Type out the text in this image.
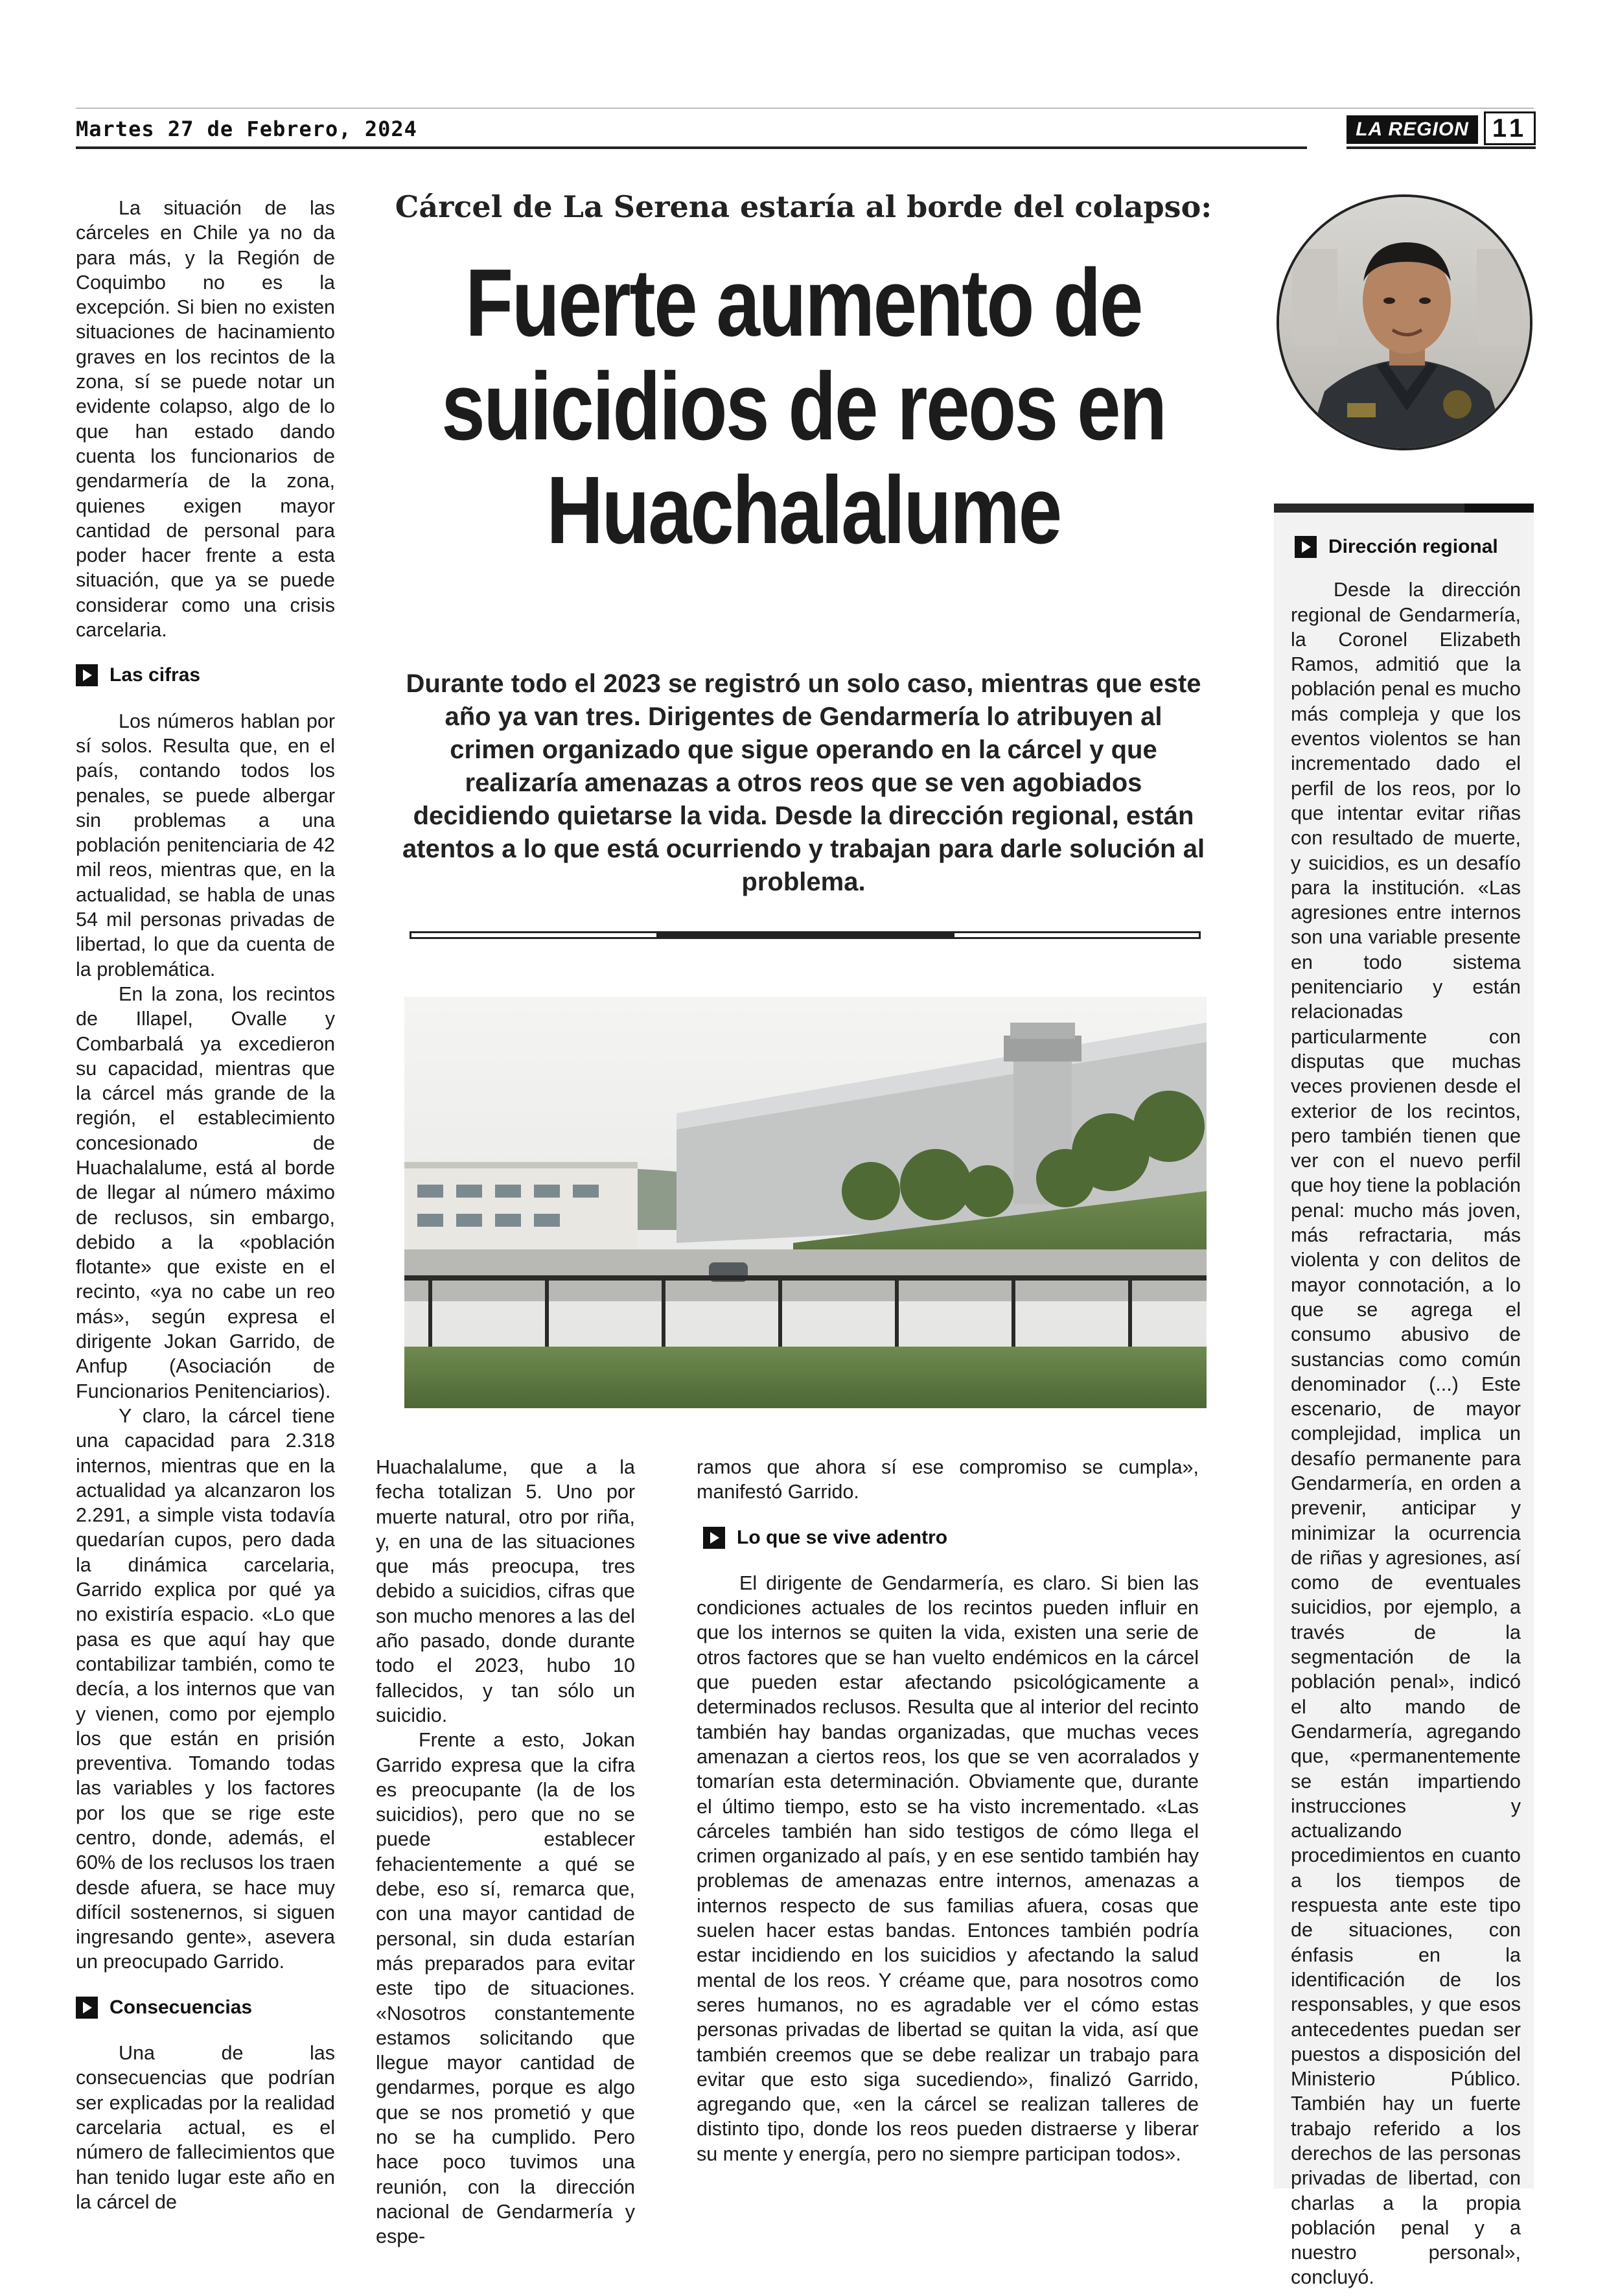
Martes 27 de Febrero, 2024	LA REGION 11

La situación de las cárceles en Chile ya no da para más, y la Región de Coquimbo no es la excepción. Si bien no existen situaciones de hacinamiento graves en los recintos de la zona, sí se puede notar un evidente colapso, algo de lo que han estado dando cuenta los funcionarios de gendarmería de la zona, quienes exigen mayor cantidad de personal para poder hacer frente a esta situación, que ya se puede considerar como una crisis carcelaria.

Las cifras

Los números hablan por sí solos. Resulta que, en el país, contando todos los penales, se puede albergar sin problemas a una población penitenciaria de 42 mil reos, mientras que, en la actualidad, se habla de unas 54 mil personas privadas de libertad, lo que da cuenta de la problemática.

En la zona, los recintos de Illapel, Ovalle y Combarbalá ya excedieron su capacidad, mientras que la cárcel más grande de la región, el establecimiento concesionado de Huachalalume, está al borde de llegar al número máximo de reclusos, sin embargo, debido a la «población flotante» que existe en el recinto, «ya no cabe un reo más», según expresa el dirigente Jokan Garrido, de Anfup (Asociación de Funcionarios Penitenciarios).

Y claro, la cárcel tiene una capacidad para 2.318 internos, mientras que en la actualidad ya alcanzaron los 2.291, a simple vista todavía quedarían cupos, pero dada la dinámica carcelaria, Garrido explica por qué ya no existiría espacio. «Lo que pasa es que aquí hay que contabilizar también, como te decía, a los internos que van y vienen, como por ejemplo los que están en prisión preventiva. Tomando todas las variables y los factores por los que se rige este centro, donde, además, el 60% de los reclusos los traen desde afuera, se hace muy difícil sostenernos, si siguen ingresando gente», asevera un preocupado Garrido.

Consecuencias

Una de las consecuencias que podrían ser explicadas por la realidad carcelaria actual, es el número de fallecimientos que han tenido lugar este año en la cárcel de

Cárcel de La Serena estaría al borde del colapso:
Fuerte aumento de
suicidios de reos en
Huachalalume
Durante todo el 2023 se registró un solo caso, mientras que este año ya van tres. Dirigentes de Gendarmería lo atribuyen al crimen organizado que sigue operando en la cárcel y que realizaría amenazas a otros reos que se ven agobiados decidiendo quietarse la vida. Desde la dirección regional, están atentos a lo que está ocurriendo y trabajan para darle solución al problema.

Huachalalume, que a la fecha totalizan 5. Uno por muerte natural, otro por riña, y, en una de las situaciones que más preocupa, tres debido a suicidios, cifras que son mucho menores a las del año pasado, donde durante todo el 2023, hubo 10 fallecidos, y tan sólo un suicidio.

Frente a esto, Jokan Garrido expresa que la cifra es preocupante (la de los suicidios), pero que no se puede establecer fehacientemente a qué se debe, eso sí, remarca que, con una mayor cantidad de personal, sin duda estarían más preparados para evitar este tipo de situaciones. «Nosotros constantemente estamos solicitando que llegue mayor cantidad de gendarmes, porque es algo que se nos prometió y que no se ha cumplido. Pero hace poco tuvimos una reunión, con la dirección nacional de Gendarmería y espe-

ramos que ahora sí ese compromiso se cumpla», manifestó Garrido.

Lo que se vive adentro

El dirigente de Gendarmería, es claro. Si bien las condiciones actuales de los recintos pueden influir en que los internos se quiten la vida, existen una serie de otros factores que se han vuelto endémicos en la cárcel que pueden estar afectando psicológicamente a determinados reclusos. Resulta que al interior del recinto también hay bandas organizadas, que muchas veces amenazan a ciertos reos, los que se ven acorralados y tomarían esta determinación. Obviamente que, durante el último tiempo, esto se ha visto incrementado. «Las cárceles también han sido testigos de cómo llega el crimen organizado al país, y en ese sentido también hay problemas de amenazas entre internos, amenazas a internos respecto de sus familias afuera, cosas que suelen hacer estas bandas. Entonces también podría estar incidiendo en los suicidios y afectando la salud mental de los reos. Y créame que, para nosotros como seres humanos, no es agradable ver el cómo estas personas privadas de libertad se quitan la vida, así que también creemos que se debe realizar un trabajo para evitar que esto siga sucediendo», finalizó Garrido, agregando que, «en la cárcel se realizan talleres de distinto tipo, donde los reos pueden distraerse y liberar su mente y energía, pero no siempre participan todos».

Dirección regional

Desde la dirección regional de Gendarmería, la Coronel Elizabeth Ramos, admitió que la población penal es mucho más compleja y que los eventos violentos se han incrementado dado el perfil de los reos, por lo que intentar evitar riñas con resultado de muerte, y suicidios, es un desafío para la institución. «Las agresiones entre internos son una variable presente en todo sistema penitenciario y están relacionadas particularmente con disputas que muchas veces provienen desde el exterior de los recintos, pero también tienen que ver con el nuevo perfil que hoy tiene la población penal: mucho más joven, más refractaria, más violenta y con delitos de mayor connotación, a lo que se agrega el consumo abusivo de sustancias como común denominador (...) Este escenario, de mayor complejidad, implica un desafío permanente para Gendarmería, en orden a prevenir, anticipar y minimizar la ocurrencia de riñas y agresiones, así como de eventuales suicidios, por ejemplo, a través de la segmentación de la población penal», indicó el alto mando de Gendarmería, agregando que, «permanentemente se están impartiendo instrucciones y actualizando procedimientos en cuanto a los tiempos de respuesta ante este tipo de situaciones, con énfasis en la identificación de los responsables, y que esos antecedentes puedan ser puestos a disposición del Ministerio Público. También hay un fuerte trabajo referido a los derechos de las personas privadas de libertad, con charlas a la propia población penal y a nuestro personal», concluyó.
